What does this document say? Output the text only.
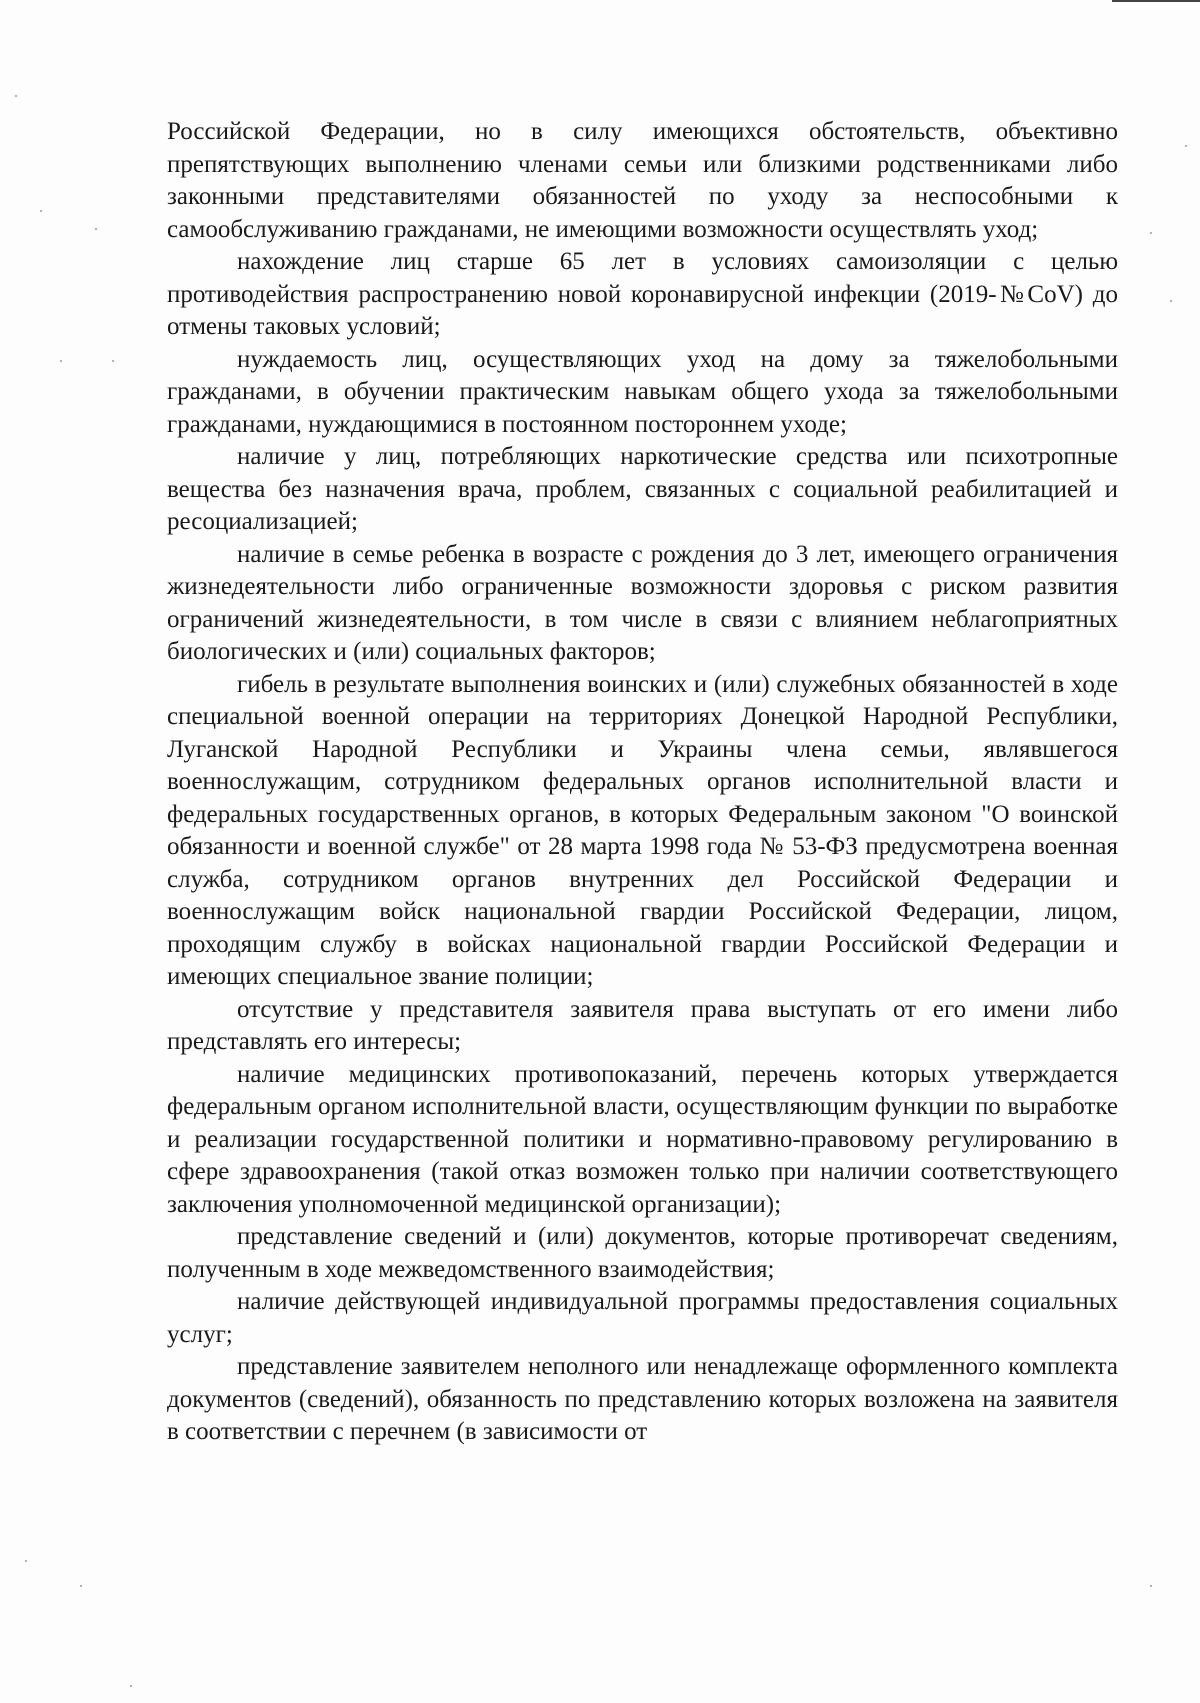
Российской Федерации, но в силу имеющихся обстоятельств, объективно препятствующих выполнению членами семьи или близкими родственниками либо законными представителями обязанностей по уходу за неспособными к самообслуживанию гражданами, не имеющими возможности осуществлять уход;

нахождение лиц старше 65 лет в условиях самоизоляции с целью противодействия распространению новой коронавирусной инфекции (2019-№CoV) до отмены таковых условий;

нуждаемость лиц, осуществляющих уход на дому за тяжелобольными гражданами, в обучении практическим навыкам общего ухода за тяжелобольными гражданами, нуждающимися в постоянном постороннем уходе;

наличие у лиц, потребляющих наркотические средства или психотропные вещества без назначения врача, проблем, связанных с социальной реабилитацией и ресоциализацией;

наличие в семье ребенка в возрасте с рождения до 3 лет, имеющего ограничения жизнедеятельности либо ограниченные возможности здоровья с риском развития ограничений жизнедеятельности, в том числе в связи с влиянием неблагоприятных биологических и (или) социальных факторов;

гибель в результате выполнения воинских и (или) служебных обязанностей в ходе специальной военной операции на территориях Донецкой Народной Республики, Луганской Народной Республики и Украины члена семьи, являвшегося военнослужащим, сотрудником федеральных органов исполнительной власти и федеральных государственных органов, в которых Федеральным законом "О воинской обязанности и военной службе" от 28 марта 1998 года № 53-ФЗ предусмотрена военная служба, сотрудником органов внутренних дел Российской Федерации и военнослужащим войск национальной гвардии Российской Федерации, лицом, проходящим службу в войсках национальной гвардии Российской Федерации и имеющих специальное звание полиции;

отсутствие у представителя заявителя права выступать от его имени либо представлять его интересы;

наличие медицинских противопоказаний, перечень которых утверждается федеральным органом исполнительной власти, осуществляющим функции по выработке и реализации государственной политики и нормативно-правовому регулированию в сфере здравоохранения (такой отказ возможен только при наличии соответствующего заключения уполномоченной медицинской организации);

представление сведений и (или) документов, которые противоречат сведениям, полученным в ходе межведомственного взаимодействия;

наличие действующей индивидуальной программы предоставления социальных услуг;

представление заявителем неполного или ненадлежаще оформленного комплекта документов (сведений), обязанность по представлению которых возложена на заявителя в соответствии с перечнем (в зависимости от
